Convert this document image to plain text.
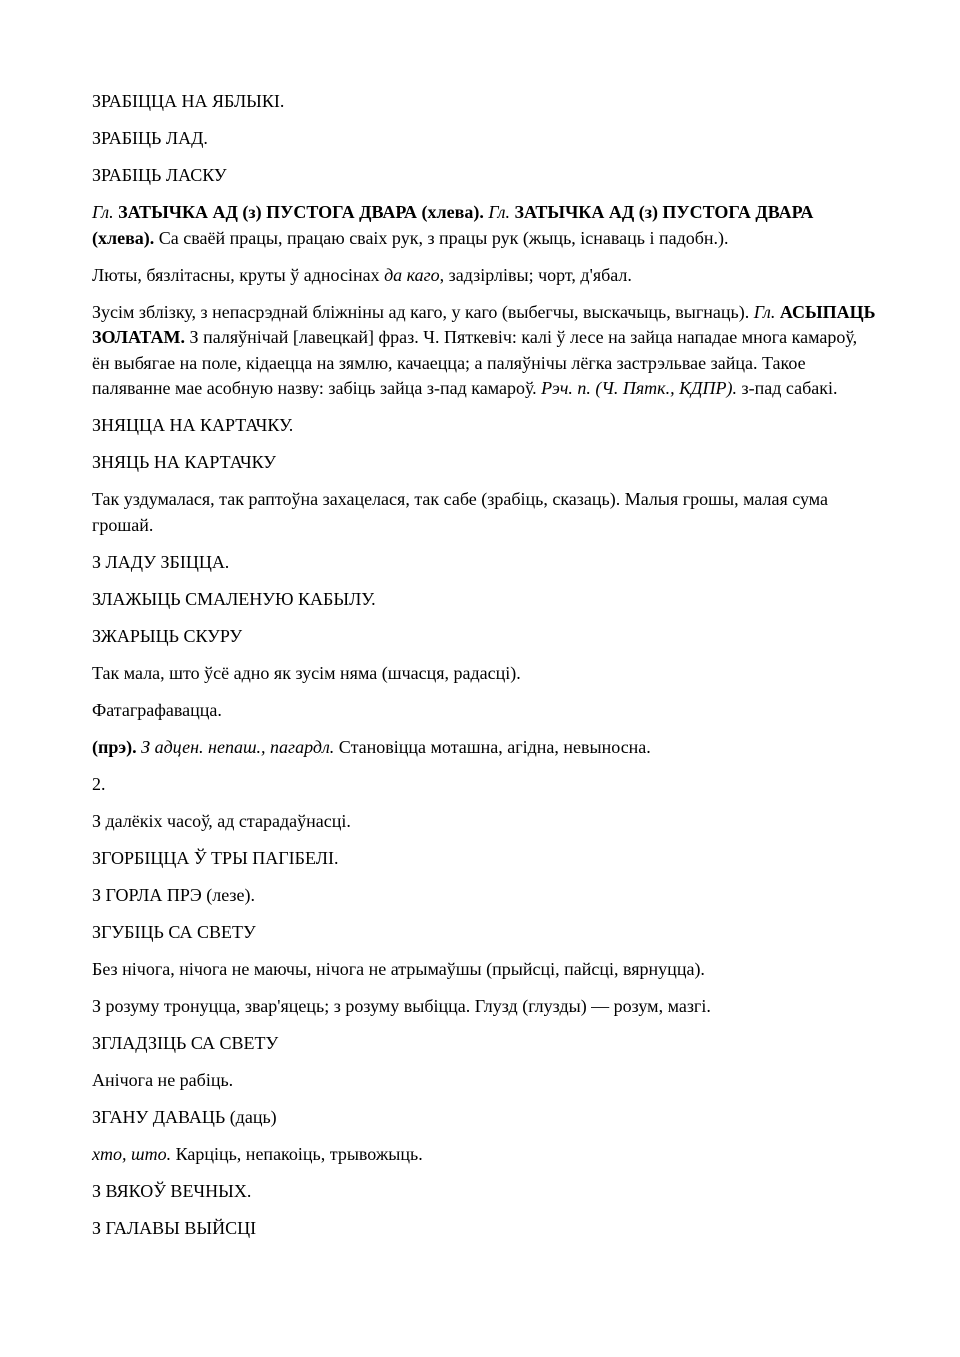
ЗРАБІЦЦА НА ЯБЛЫКІ.

ЗРАБІЦЬ ЛАД.

ЗРАБІЦЬ ЛАСКУ

Гл. ЗАТЫЧКА АД (з) ПУСТОГА ДВАРА (хлева). Гл. ЗАТЫЧКА АД (з) ПУСТОГА ДВАРА (хлева). Са сваёй працы, працаю сваіх рук, з працы рук (жыць, існаваць і падобн.).

Люты, бязлітасны, круты ў адносінах да каго, задзірлівы; чорт, д'ябал.

Зусім зблізку, з непасрэднай бліжніны ад каго, у каго (выбегчы, выскачыць, выгнаць). Гл. АСЫПАЦЬ ЗОЛАТАМ. З паляўнічай [лавецкай] фраз. Ч. Пяткевіч: калі ў лесе на зайца нападае многа камароў, ён выбягае на поле, кідаецца на зямлю, качаецца; а паляўнічы лёгка застрэльвае зайца. Такое паляванне мае асобную назву: забіць зайца з-пад камароў. Рэч. п. (Ч. Пятк., КДПР). з-пад сабакі.

ЗНЯЦЦА НА КАРТАЧКУ.

ЗНЯЦЬ НА КАРТАЧКУ

Так уздумалася, так раптоўна захацелася, так сабе (зрабіць, сказаць). Малыя грошы, малая сума грошай.

З ЛАДУ ЗБІЦЦА.

ЗЛАЖЫЦЬ СМАЛЕНУЮ КАБЫЛУ.

ЗЖАРЫЦЬ СКУРУ

Так мала, што ўсё адно як зусім няма (шчасця, радасці).

Фатаграфавацца.

(прэ). З адцен. непаш., пагардл. Становіцца моташна, агідна, невыносна.

2.

З далёкіх часоў, ад старадаўнасці.

ЗГОРБІЦЦА Ў ТРЫ ПАГІБЕЛІ.

З ГОРЛА ПРЭ (лезе).

ЗГУБІЦЬ СА СВЕТУ

Без нічога, нічога не маючы, нічога не атрымаўшы (прыйсці, пайсці, вярнуцца).

З розуму тронуцца, звар'яцець; з розуму выбіцца. Глузд (глузды) — розум, мазгі.

ЗГЛАДЗІЦЬ СА СВЕТУ

Анічога не рабіць.

ЗГАНУ ДАВАЦЬ (даць)

хто, што. Карціць, непакоіць, трывожыць.

З ВЯКОЎ ВЕЧНЫХ.

З ГАЛАВЫ ВЫЙСЦІ
